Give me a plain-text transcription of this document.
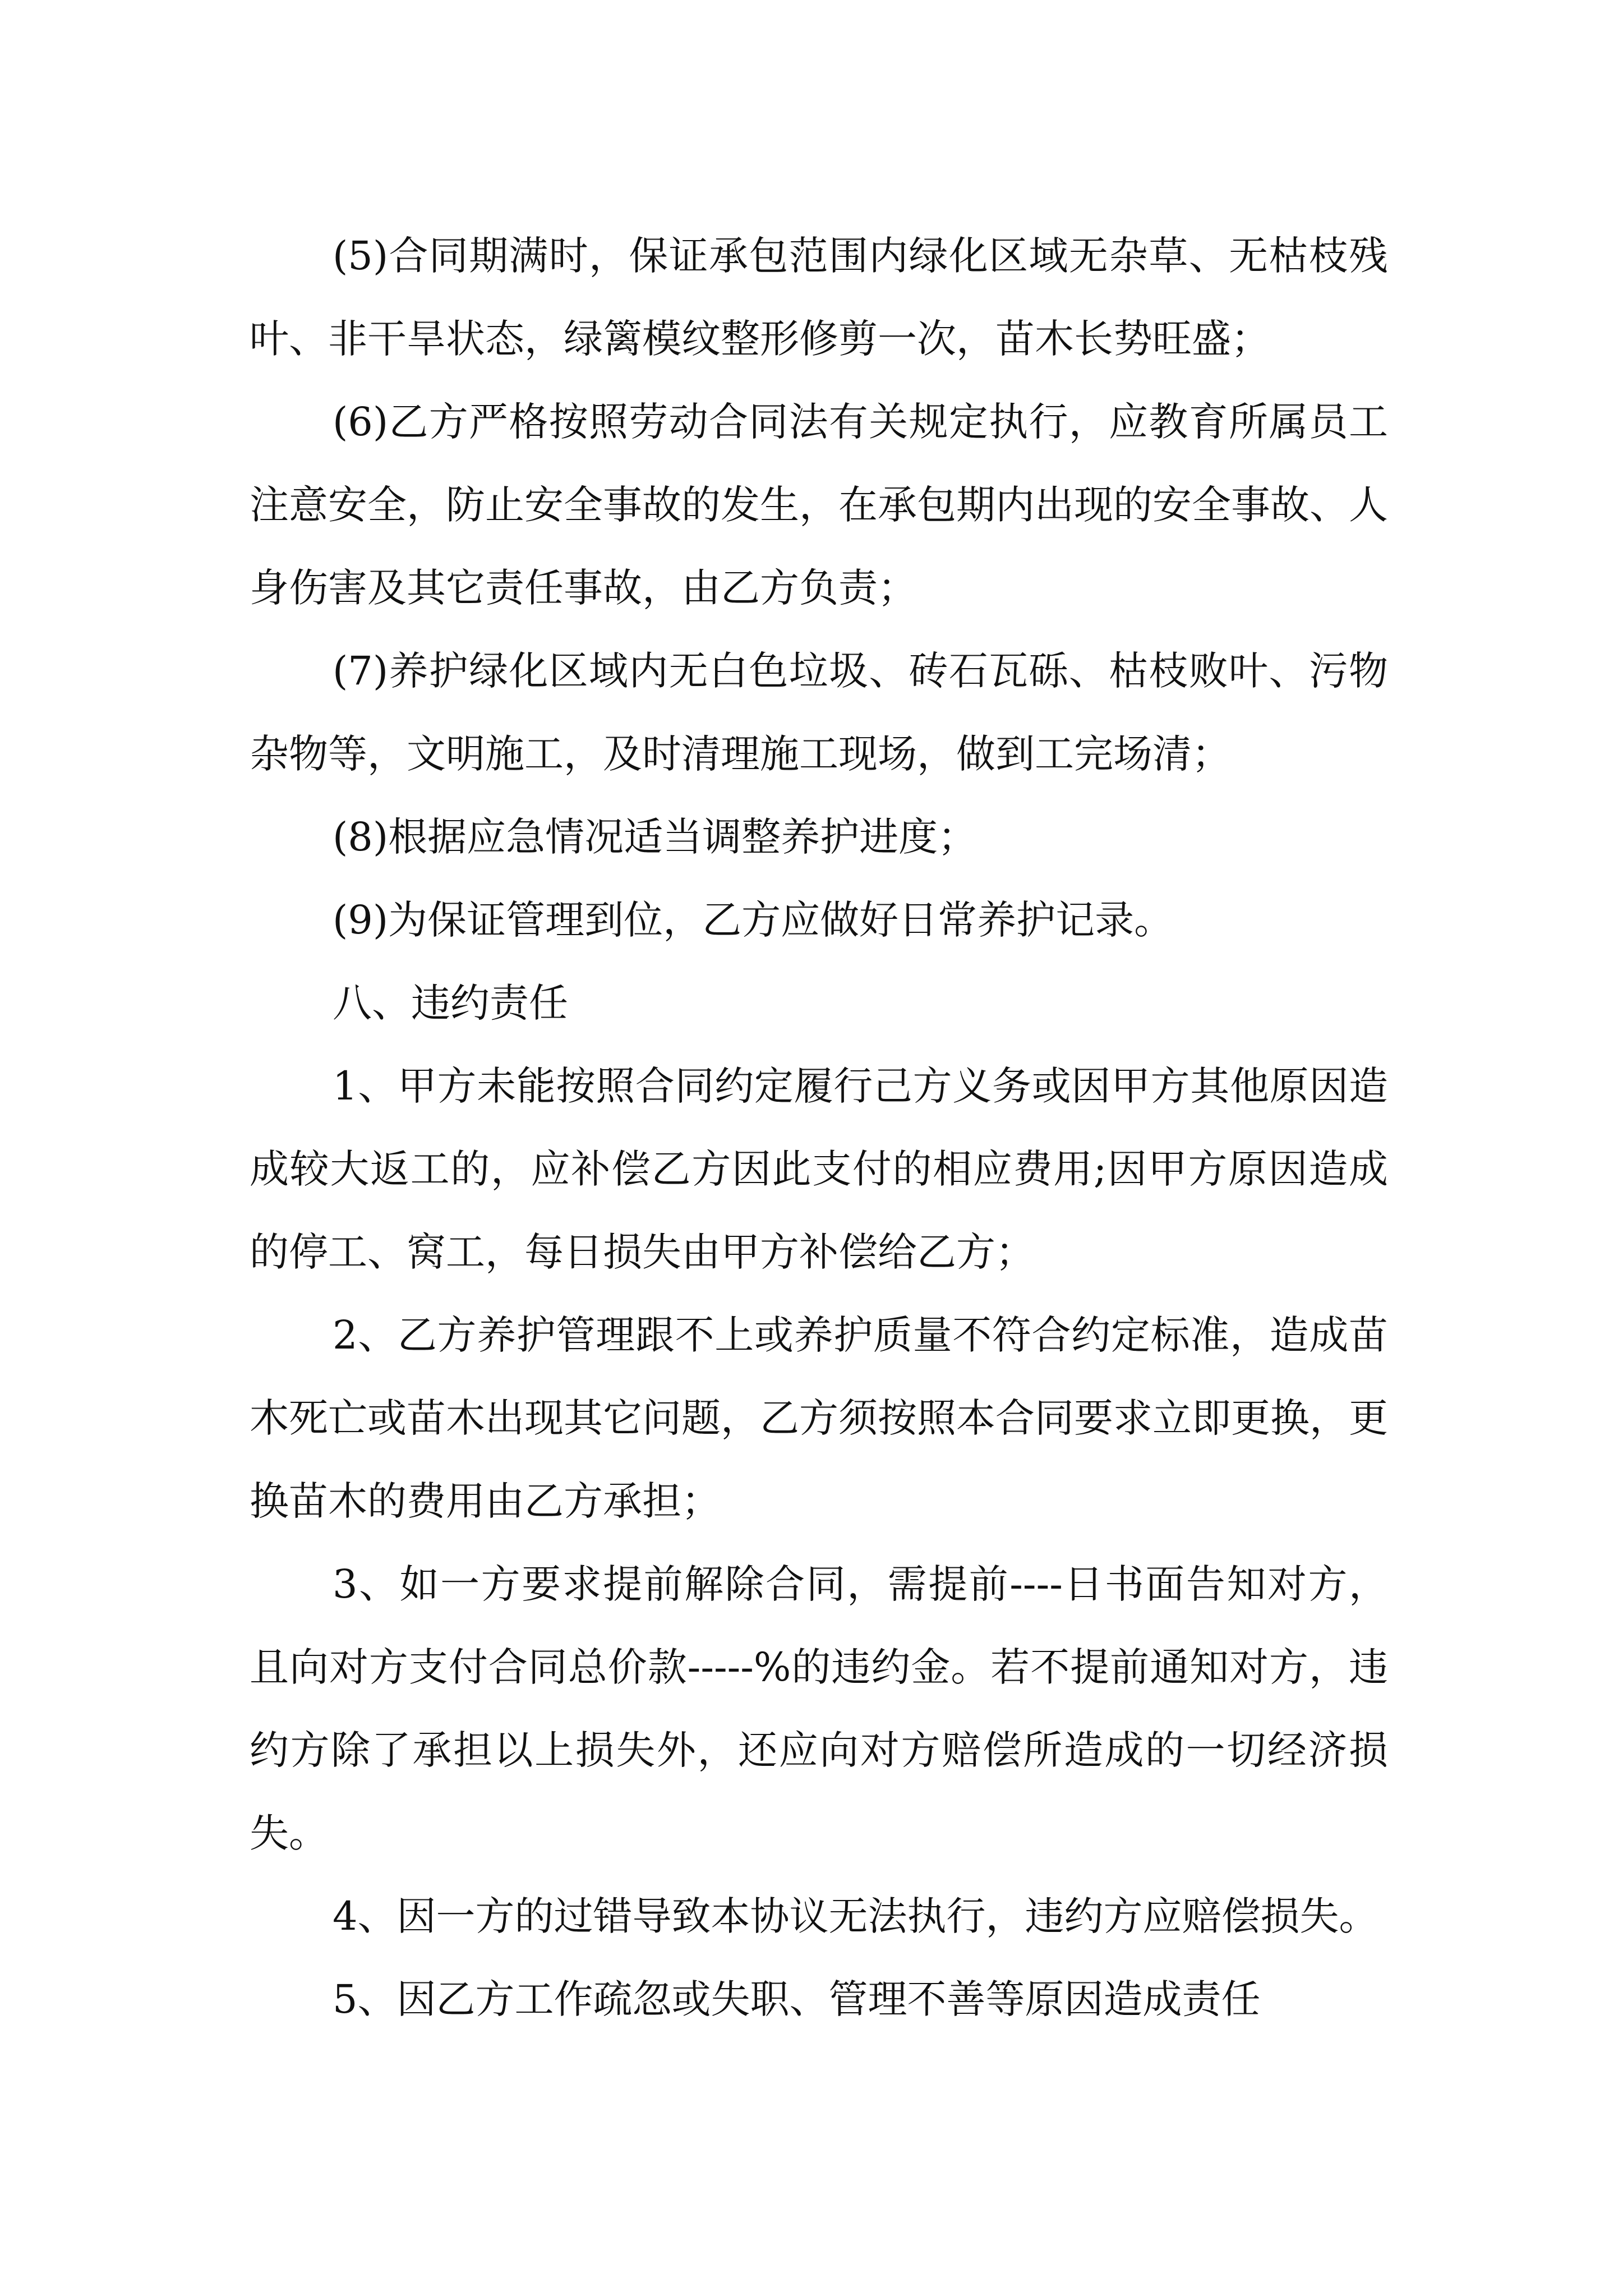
(5)合同期满时，保证承包范围内绿化区域无杂草、无枯枝残叶、非干旱状态，绿篱模纹整形修剪一次，苗木长势旺盛；

(6)乙方严格按照劳动合同法有关规定执行，应教育所属员工注意安全，防止安全事故的发生，在承包期内出现的安全事故、人身伤害及其它责任事故，由乙方负责；

(7)养护绿化区域内无白色垃圾、砖石瓦砾、枯枝败叶、污物杂物等，文明施工，及时清理施工现场，做到工完场清；

(8)根据应急情况适当调整养护进度；

(9)为保证管理到位，乙方应做好日常养护记录。

八、违约责任

1、甲方未能按照合同约定履行己方义务或因甲方其他原因造成较大返工的，应补偿乙方因此支付的相应费用;因甲方原因造成的停工、窝工，每日损失由甲方补偿给乙方；

2、乙方养护管理跟不上或养护质量不符合约定标准，造成苗木死亡或苗木出现其它问题，乙方须按照本合同要求立即更换，更换苗木的费用由乙方承担；

3、如一方要求提前解除合同，需提前----日书面告知对方，且向对方支付合同总价款-----%的违约金。若不提前通知对方，违约方除了承担以上损失外，还应向对方赔偿所造成的一切经济损失。

4、因一方的过错导致本协议无法执行，违约方应赔偿损失。

5、因乙方工作疏忽或失职、管理不善等原因造成责任
